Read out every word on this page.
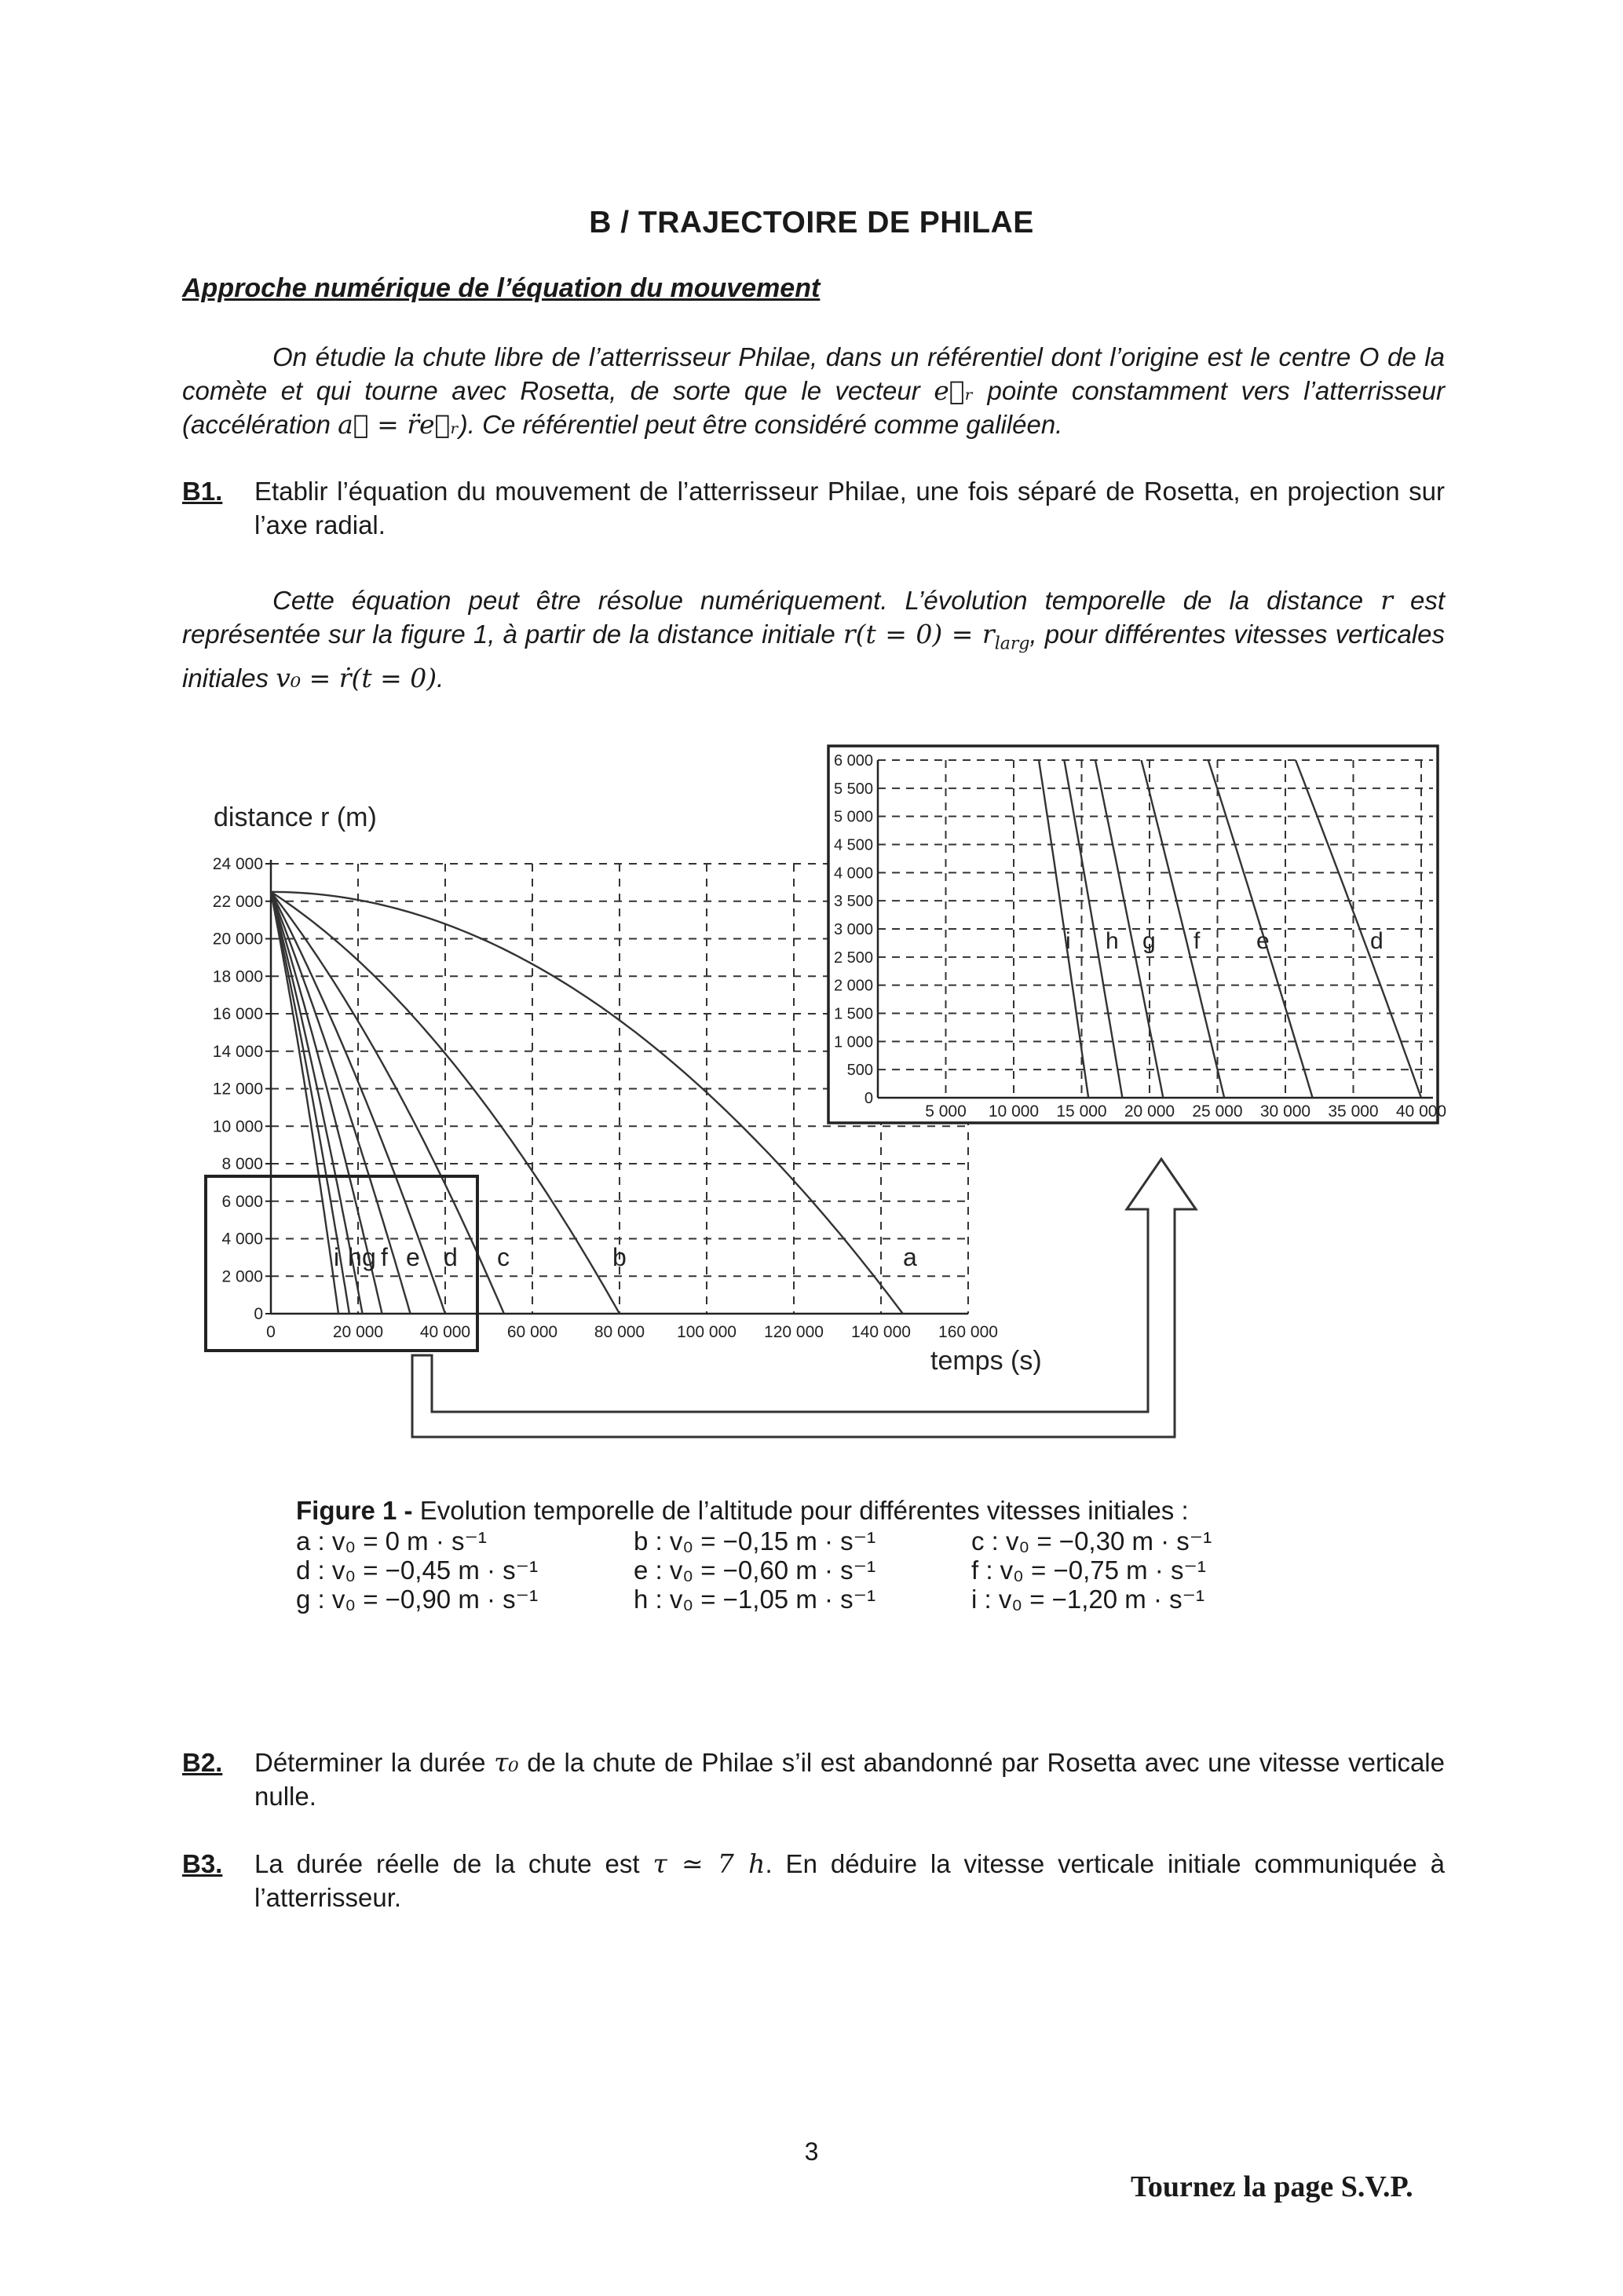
B / TRAJECTOIRE DE PHILAE
Approche numérique de l’équation du mouvement
On étudie la chute libre de l’atterrisseur Philae, dans un référentiel dont l’origine est le centre O de la comète et qui tourne avec Rosetta, de sorte que le vecteur e⃗ᵣ pointe constamment vers l’atterrisseur (accélération a⃗ = r̈e⃗ᵣ). Ce référentiel peut être considéré comme galiléen.
B1. Etablir l’équation du mouvement de l’atterrisseur Philae, une fois séparé de Rosetta, en projection sur l’axe radial.
Cette équation peut être résolue numériquement. L’évolution temporelle de la distance r est représentée sur la figure 1, à partir de la distance initiale $r(t = 0) = r_{larg}$, pour différentes vitesses verticales initiales v₀ = ṙ(t = 0).
distance r (m)
temps (s)
0
2 000
4 000
6 000
8 000
10 000
12 000
14 000
16 000
18 000
20 000
22 000
24 000
0	20 000 40 000 60 000 80 000 100 000 120 000 140 000 160 000
a
b
c
d
e
f
g
h
i
5 000 10 000 15 000 20 000 25 000 30 000 35 000 40 000
0
500
1 000
1 500
2 000
2 500
3 000
3 500
4 000
4 500
5 000
5 500
6 000
i h g f e	d
Figure 1 - Evolution temporelle de l’altitude pour différentes vitesses initiales :
a : v₀ = 0 m · s⁻¹	b : v₀ = −0,15 m · s⁻¹	c : v₀ = −0,30 m · s⁻¹
d : v₀ = −0,45 m · s⁻¹	e : v₀ = −0,60 m · s⁻¹	f : v₀ = −0,75 m · s⁻¹
g : v₀ = −0,90 m · s⁻¹	h : v₀ = −1,05 m · s⁻¹	i : v₀ = −1,20 m · s⁻¹
B2. Déterminer la durée τ₀ de la chute de Philae s’il est abandonné par Rosetta avec une vitesse verticale nulle.
B3. La durée réelle de la chute est τ ≃ 7 h. En déduire la vitesse verticale initiale communiquée à l’atterrisseur.
3
Tournez la page S.V.P.
